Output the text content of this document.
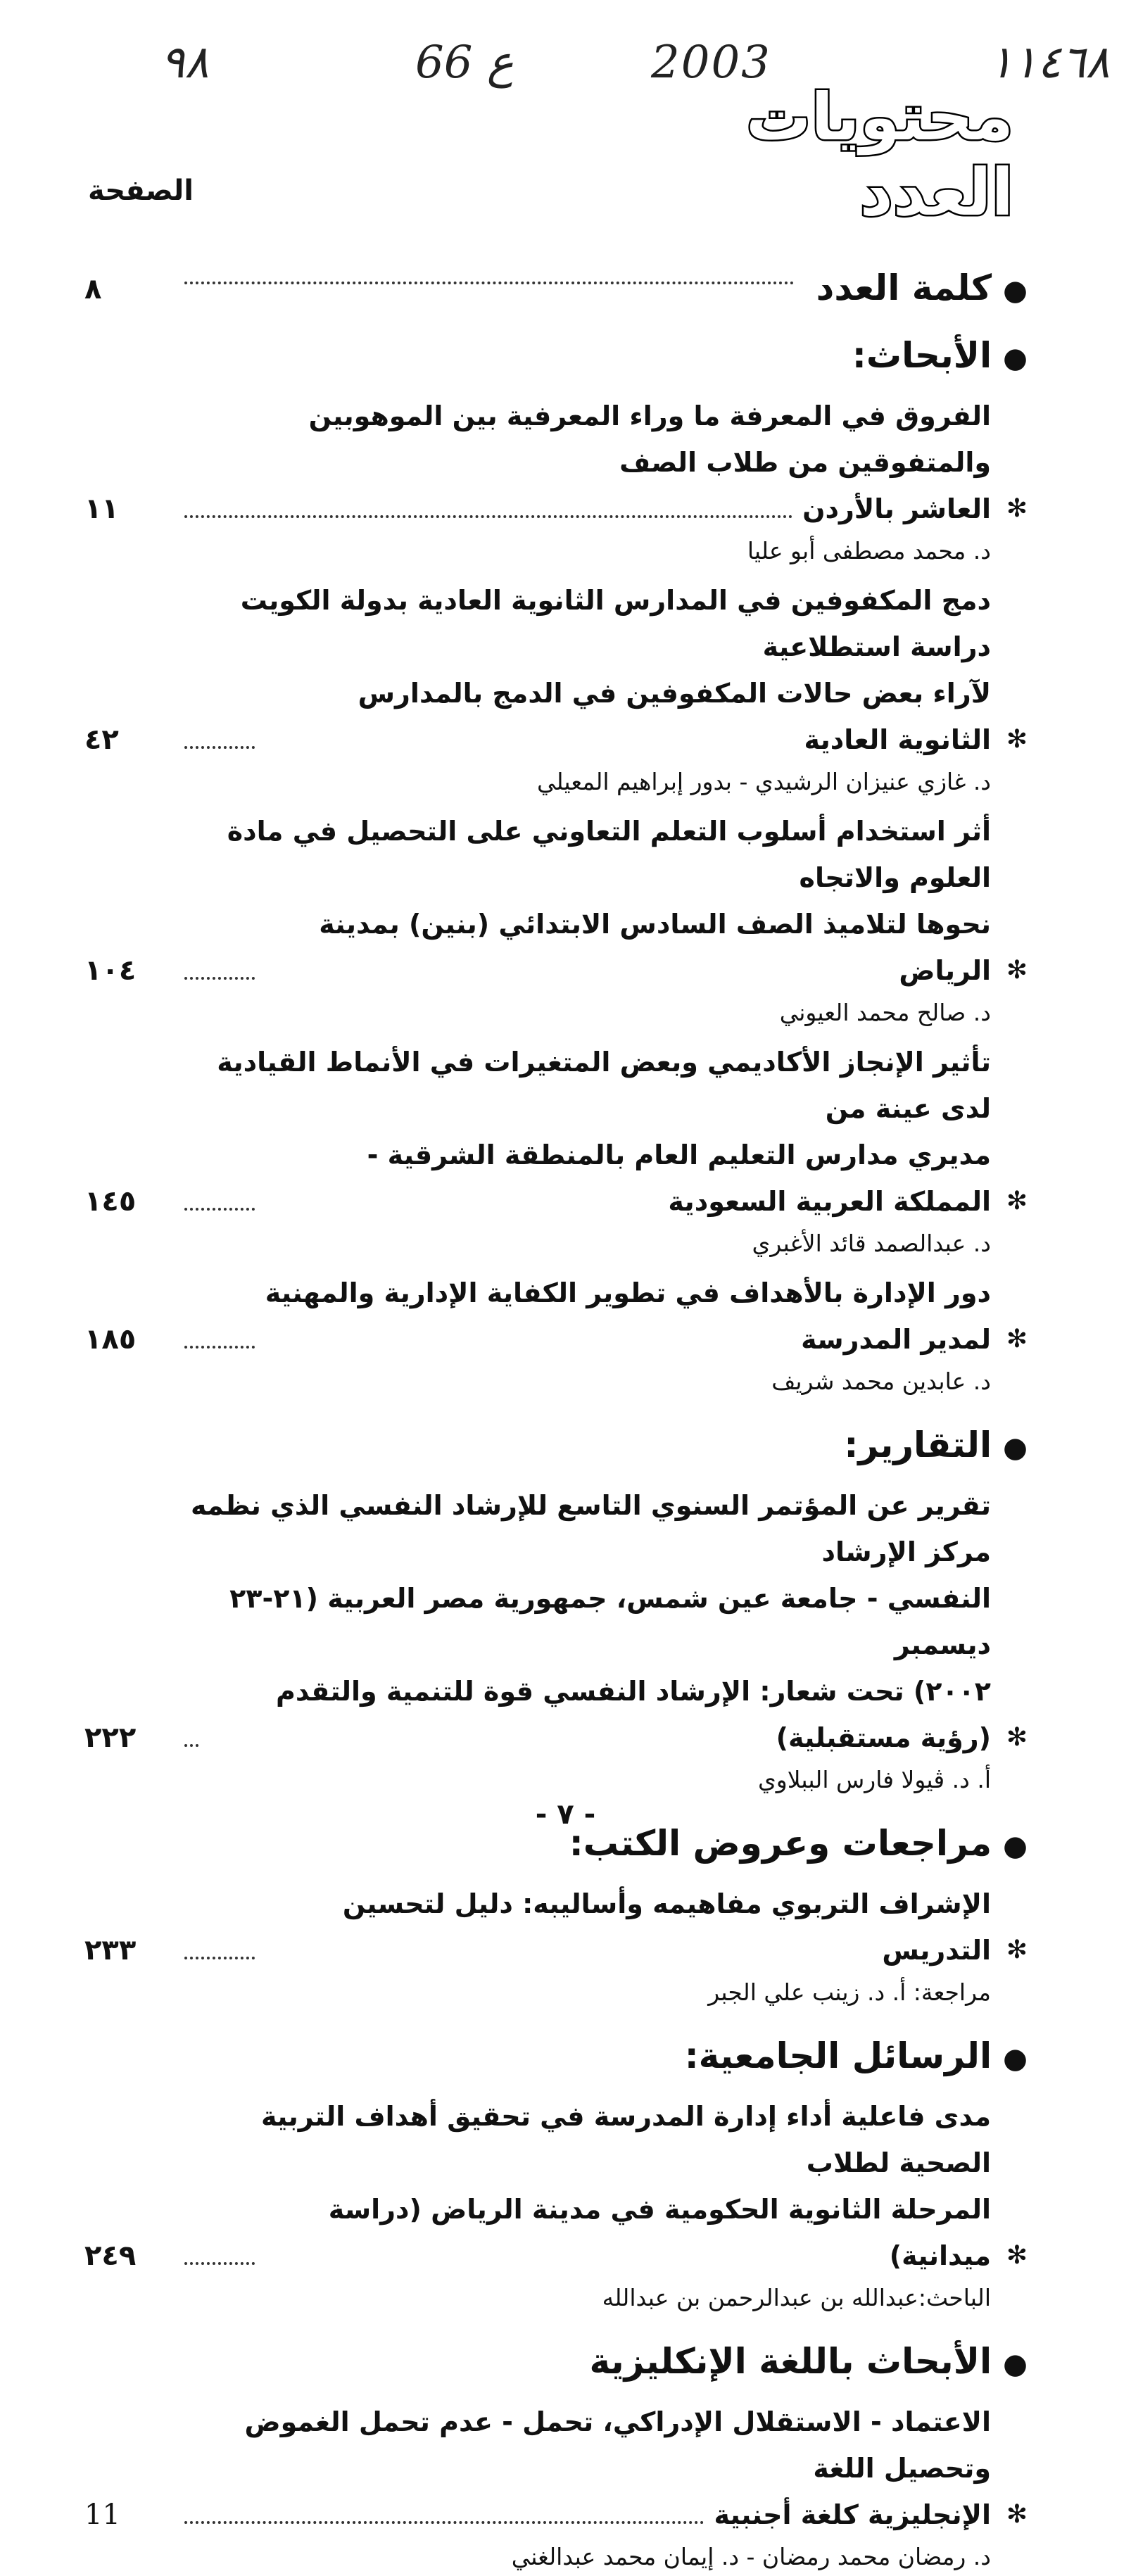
١١٤٦٨
2003
ع 66
٩٨
محتويات العدد
الصفحة
●
كلمة العدد
٨
●
الأبحاث:
✻
الفروق في المعرفة ما وراء المعرفية بين الموهوبين والمتفوقين من طلاب الصف
العاشر بالأردن
١١
د. محمد مصطفى أبو عليا
✻
دمج المكفوفين في المدارس الثانوية العادية بدولة الكويت دراسة استطلاعية
لآراء بعض حالات المكفوفين في الدمج بالمدارس الثانوية العادية
٤٢
د. غازي عنيزان الرشيدي - بدور إبراهيم المعيلي
✻
أثر استخدام أسلوب التعلم التعاوني على التحصيل في مادة العلوم والاتجاه
نحوها لتلاميذ الصف السادس الابتدائي (بنين) بمدينة الرياض
١٠٤
د. صالح محمد العيوني
✻
تأثير الإنجاز الأكاديمي وبعض المتغيرات في الأنماط القيادية لدى عينة من
مديري مدارس التعليم العام بالمنطقة الشرقية - المملكة العربية السعودية
١٤٥
د. عبدالصمد قائد الأغبري
✻
دور الإدارة بالأهداف في تطوير الكفاية الإدارية والمهنية لمدير المدرسة
١٨٥
د. عابدين محمد شريف
●
التقارير:
✻
تقرير عن المؤتمر السنوي التاسع للإرشاد النفسي الذي نظمه مركز الإرشاد
النفسي - جامعة عين شمس، جمهورية مصر العربية (٢١-٢٣ ديسمبر
٢٠٠٢) تحت شعار: الإرشاد النفسي قوة للتنمية والتقدم (رؤية مستقبلية)
٢٢٢
أ. د. ڤيولا فارس الببلاوي
●
مراجعات وعروض الكتب:
✻
الإشراف التربوي مفاهيمه وأساليبه: دليل لتحسين التدريس
٢٣٣
مراجعة: أ. د. زينب علي الجبر
●
الرسائل الجامعية:
✻
مدى فاعلية أداء إدارة المدرسة في تحقيق أهداف التربية الصحية لطلاب
المرحلة الثانوية الحكومية في مدينة الرياض (دراسة ميدانية)
٢٤٩
الباحث:عبدالله بن عبدالرحمن بن عبدالله
●
الأبحاث باللغة الإنكليزية
✻
الاعتماد - الاستقلال الإدراكي، تحمل - عدم تحمل الغموض وتحصيل اللغة
الإنجليزية كلغة أجنبية
11
د. رمضان محمد رمضان - د. إيمان محمد عبدالغني
- ٧ -
